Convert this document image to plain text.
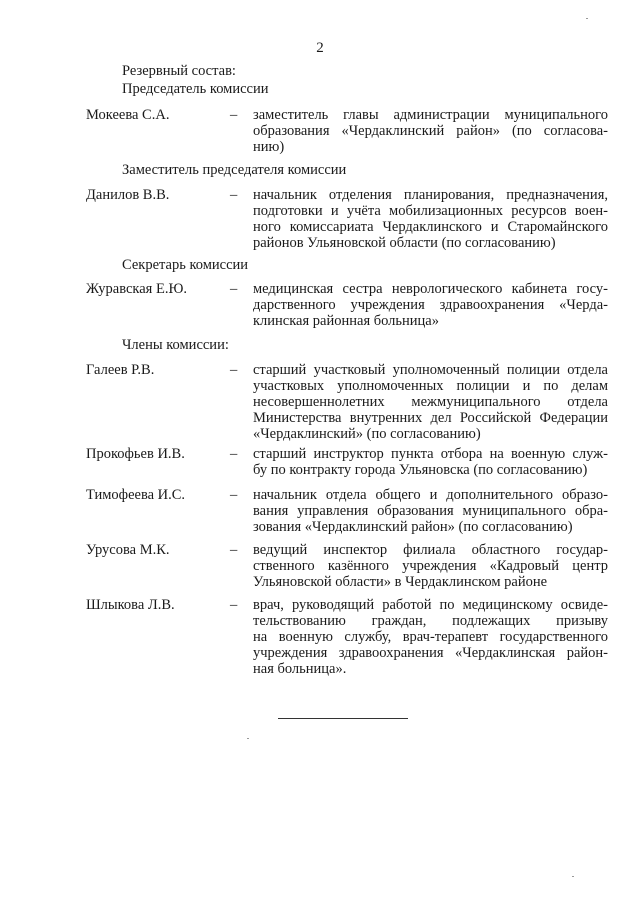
2
Резервный состав:
Председатель комиссии
Мокеева С.А.	– заместитель главы администрации муниципального
образования «Чердаклинский район» (по согласова-
нию)
Заместитель председателя комиссии
Данилов В.В.	– начальник отделения планирования, предназначения,
подготовки и учёта мобилизационных ресурсов воен-
ного комиссариата Чердаклинского и Старомайнского
районов Ульяновской области (по согласованию)
Секретарь комиссии
Журавская Е.Ю.	– медицинская сестра неврологического кабинета госу-
дарственного учреждения здравоохранения «Черда-
клинская районная больница»
Члены комиссии:
Галеев Р.В.	– старший участковый уполномоченный полиции отдела
участковых уполномоченных полиции и по делам
несовершеннолетних межмуниципального отдела
Министерства внутренних дел Российской Федерации
«Чердаклинский» (по согласованию)
Прокофьев И.В.	– старший инструктор пункта отбора на военную служ-
бу по контракту города Ульяновска (по согласованию)
Тимофеева И.С.	– начальник отдела общего и дополнительного образо-
вания управления образования муниципального обра-
зования «Чердаклинский район» (по согласованию)
Урусова М.К.	– ведущий инспектор филиала областного государ-
ственного казённого учреждения «Кадровый центр
Ульяновской области» в Чердаклинском районе
Шлыкова Л.В.	– врач, руководящий работой по медицинскому освиде-
тельствованию граждан, подлежащих призыву
на военную службу, врач-терапевт государственного
учреждения здравоохранения «Чердаклинская район-
ная больница».
